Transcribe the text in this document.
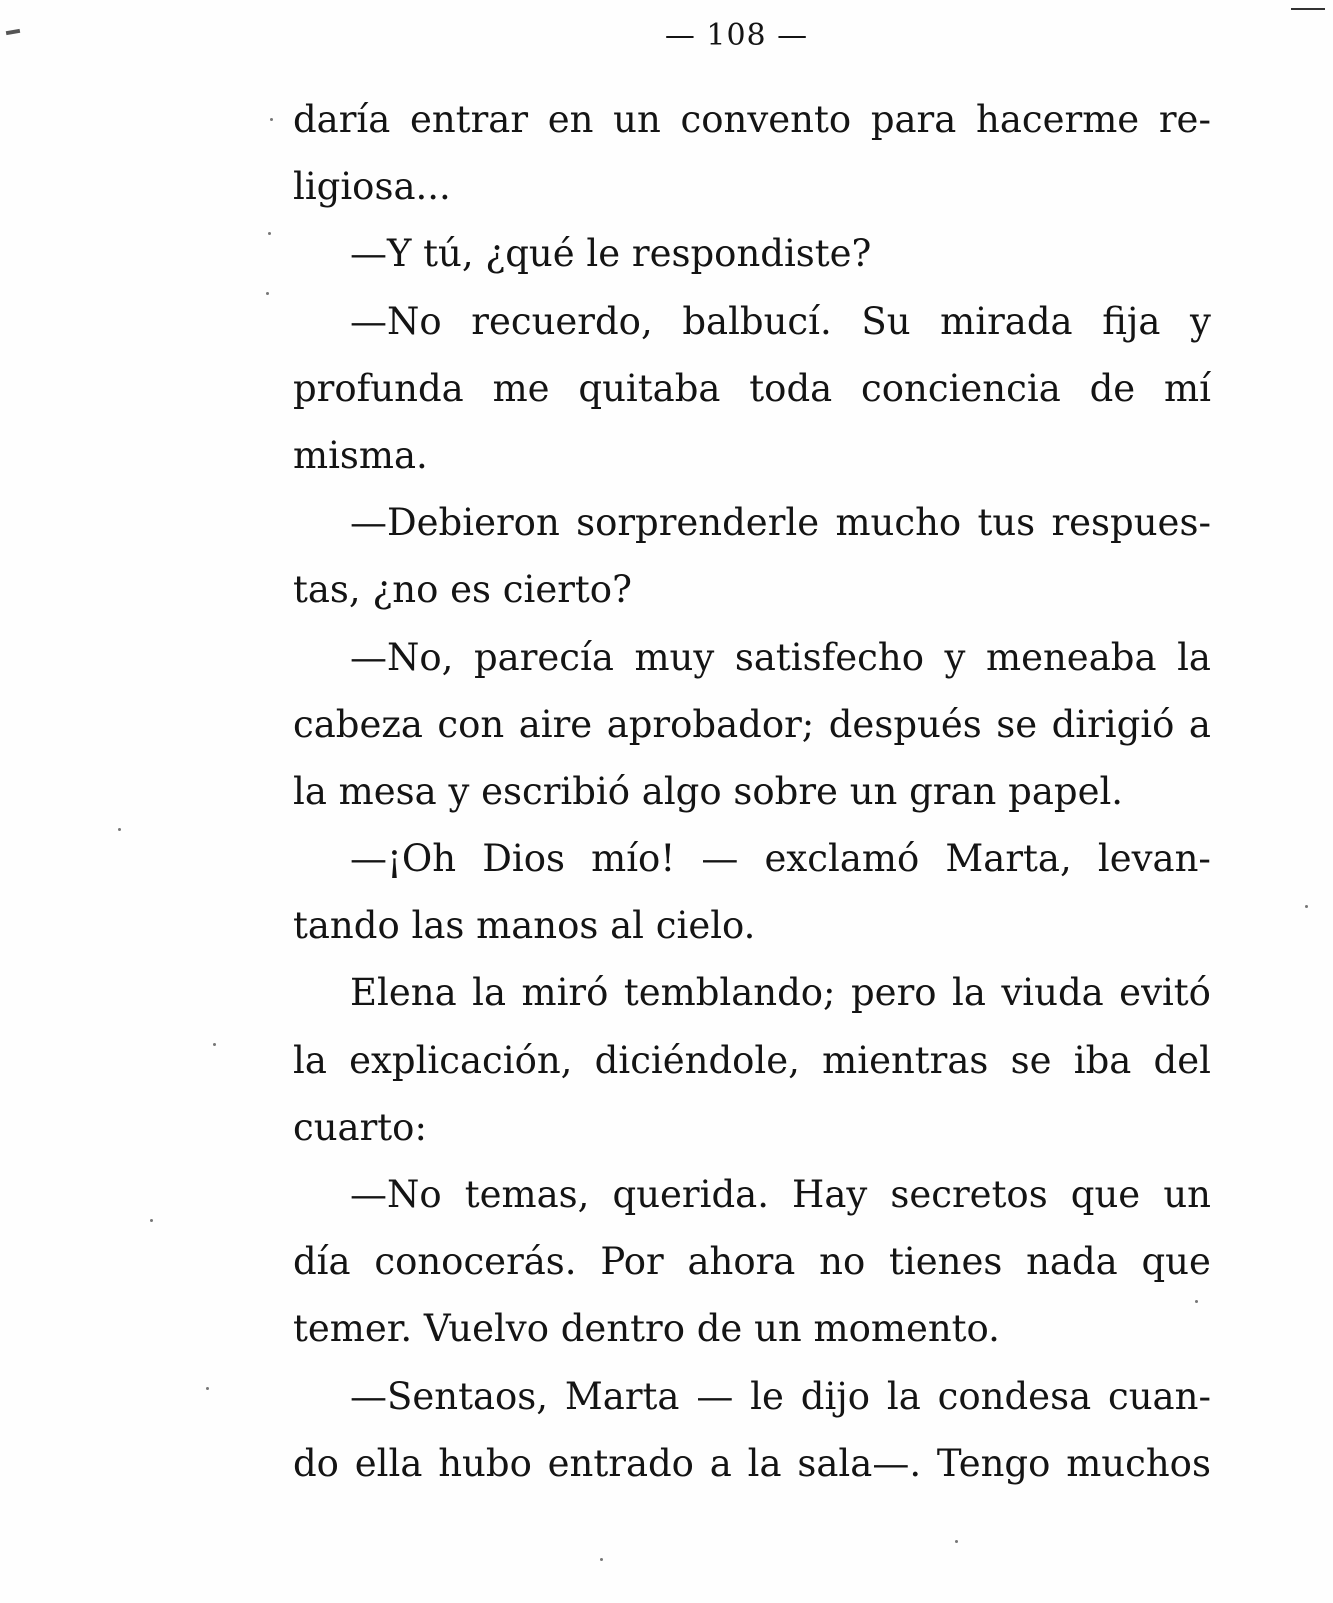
— 108 —
daría entrar en un convento para hacerme re-
ligiosa...
—Y tú, ¿qué le respondiste?
—No recuerdo, balbucí. Su mirada fija y
profunda me quitaba toda conciencia de mí
misma.
—Debieron sorprenderle mucho tus respues-
tas, ¿no es cierto?
—No, parecía muy satisfecho y meneaba la
cabeza con aire aprobador; después se dirigió a
la mesa y escribió algo sobre un gran papel.
—¡Oh Dios mío! — exclamó Marta, levan-
tando las manos al cielo.
Elena la miró temblando; pero la viuda evitó
la explicación, diciéndole, mientras se iba del
cuarto:
—No temas, querida. Hay secretos que un
día conocerás. Por ahora no tienes nada que
temer. Vuelvo dentro de un momento.
—Sentaos, Marta — le dijo la condesa cuan-
do ella hubo entrado a la sala—. Tengo muchos
